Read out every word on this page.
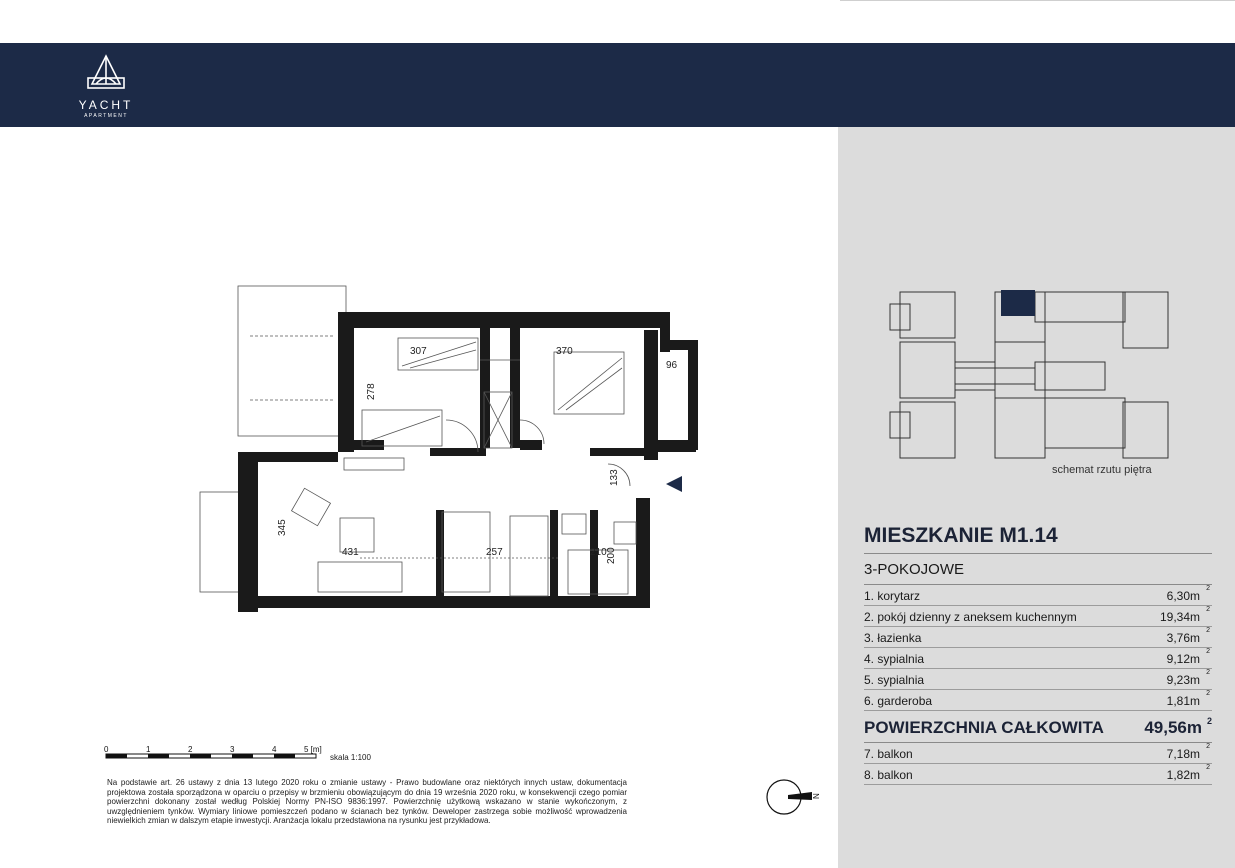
YACHT
APARTMENT
307	370
96
278
133
345
431	257	210 200
schemat rzutu piętra
MIESZKANIE M1.14
3-POKOJOWE
1. korytarz	6,30m
2
2. pokój dzienny z aneksem kuchennym	19,34m
2
3. łazienka	3,76m
2
4. sypialnia	9,12m
2
5. sypialnia	9,23m
2
6. garderoba	1,81m
2
POWIERZCHNIA CAŁKOWITA 49,56m 2
7. balkon	7,18m
2
8. balkon	1,82m
2
0	1	2	3	4	5 [m]
skala 1:100
Na podstawie art. 26 ustawy z dnia 13 lutego 2020 roku o zmianie ustawy - Prawo budowlane oraz niektórych innych ustaw, dokumentacja projektowa została sporządzona w oparciu o przepisy w brzmieniu obowiązującym do dnia 19 września 2020 roku, w konsekwencji czego pomiar powierzchni dokonany został według Polskiej Normy PN-ISO 9836:1997. Powierzchnię użytkową wskazano w stanie wykończonym, z uwzględnieniem tynków. Wymiary liniowe pomieszczeń podano w ścianach bez tynków. Deweloper zastrzega sobie możliwość wprowadzenia niewielkich zmian w dalszym etapie inwestycji. Aranżacja lokalu przedstawiona na rysunku jest przykładowa.
N
